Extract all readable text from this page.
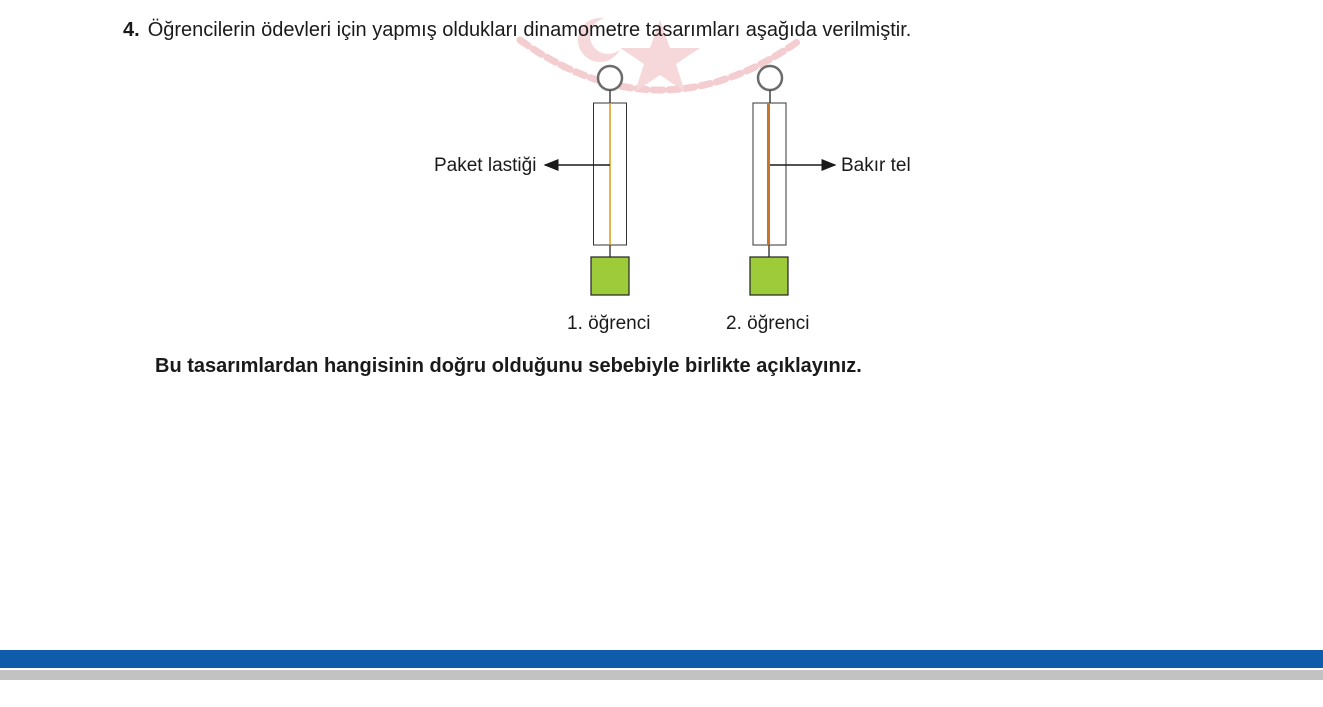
4. Öğrencilerin ödevleri için yapmış oldukları dinamometre tasarımları aşağıda verilmiştir.
Paket lastiği	Bakır tel
1. öğrenci	2. öğrenci
Bu tasarımlardan hangisinin doğru olduğunu sebebiyle birlikte açıklayınız.
